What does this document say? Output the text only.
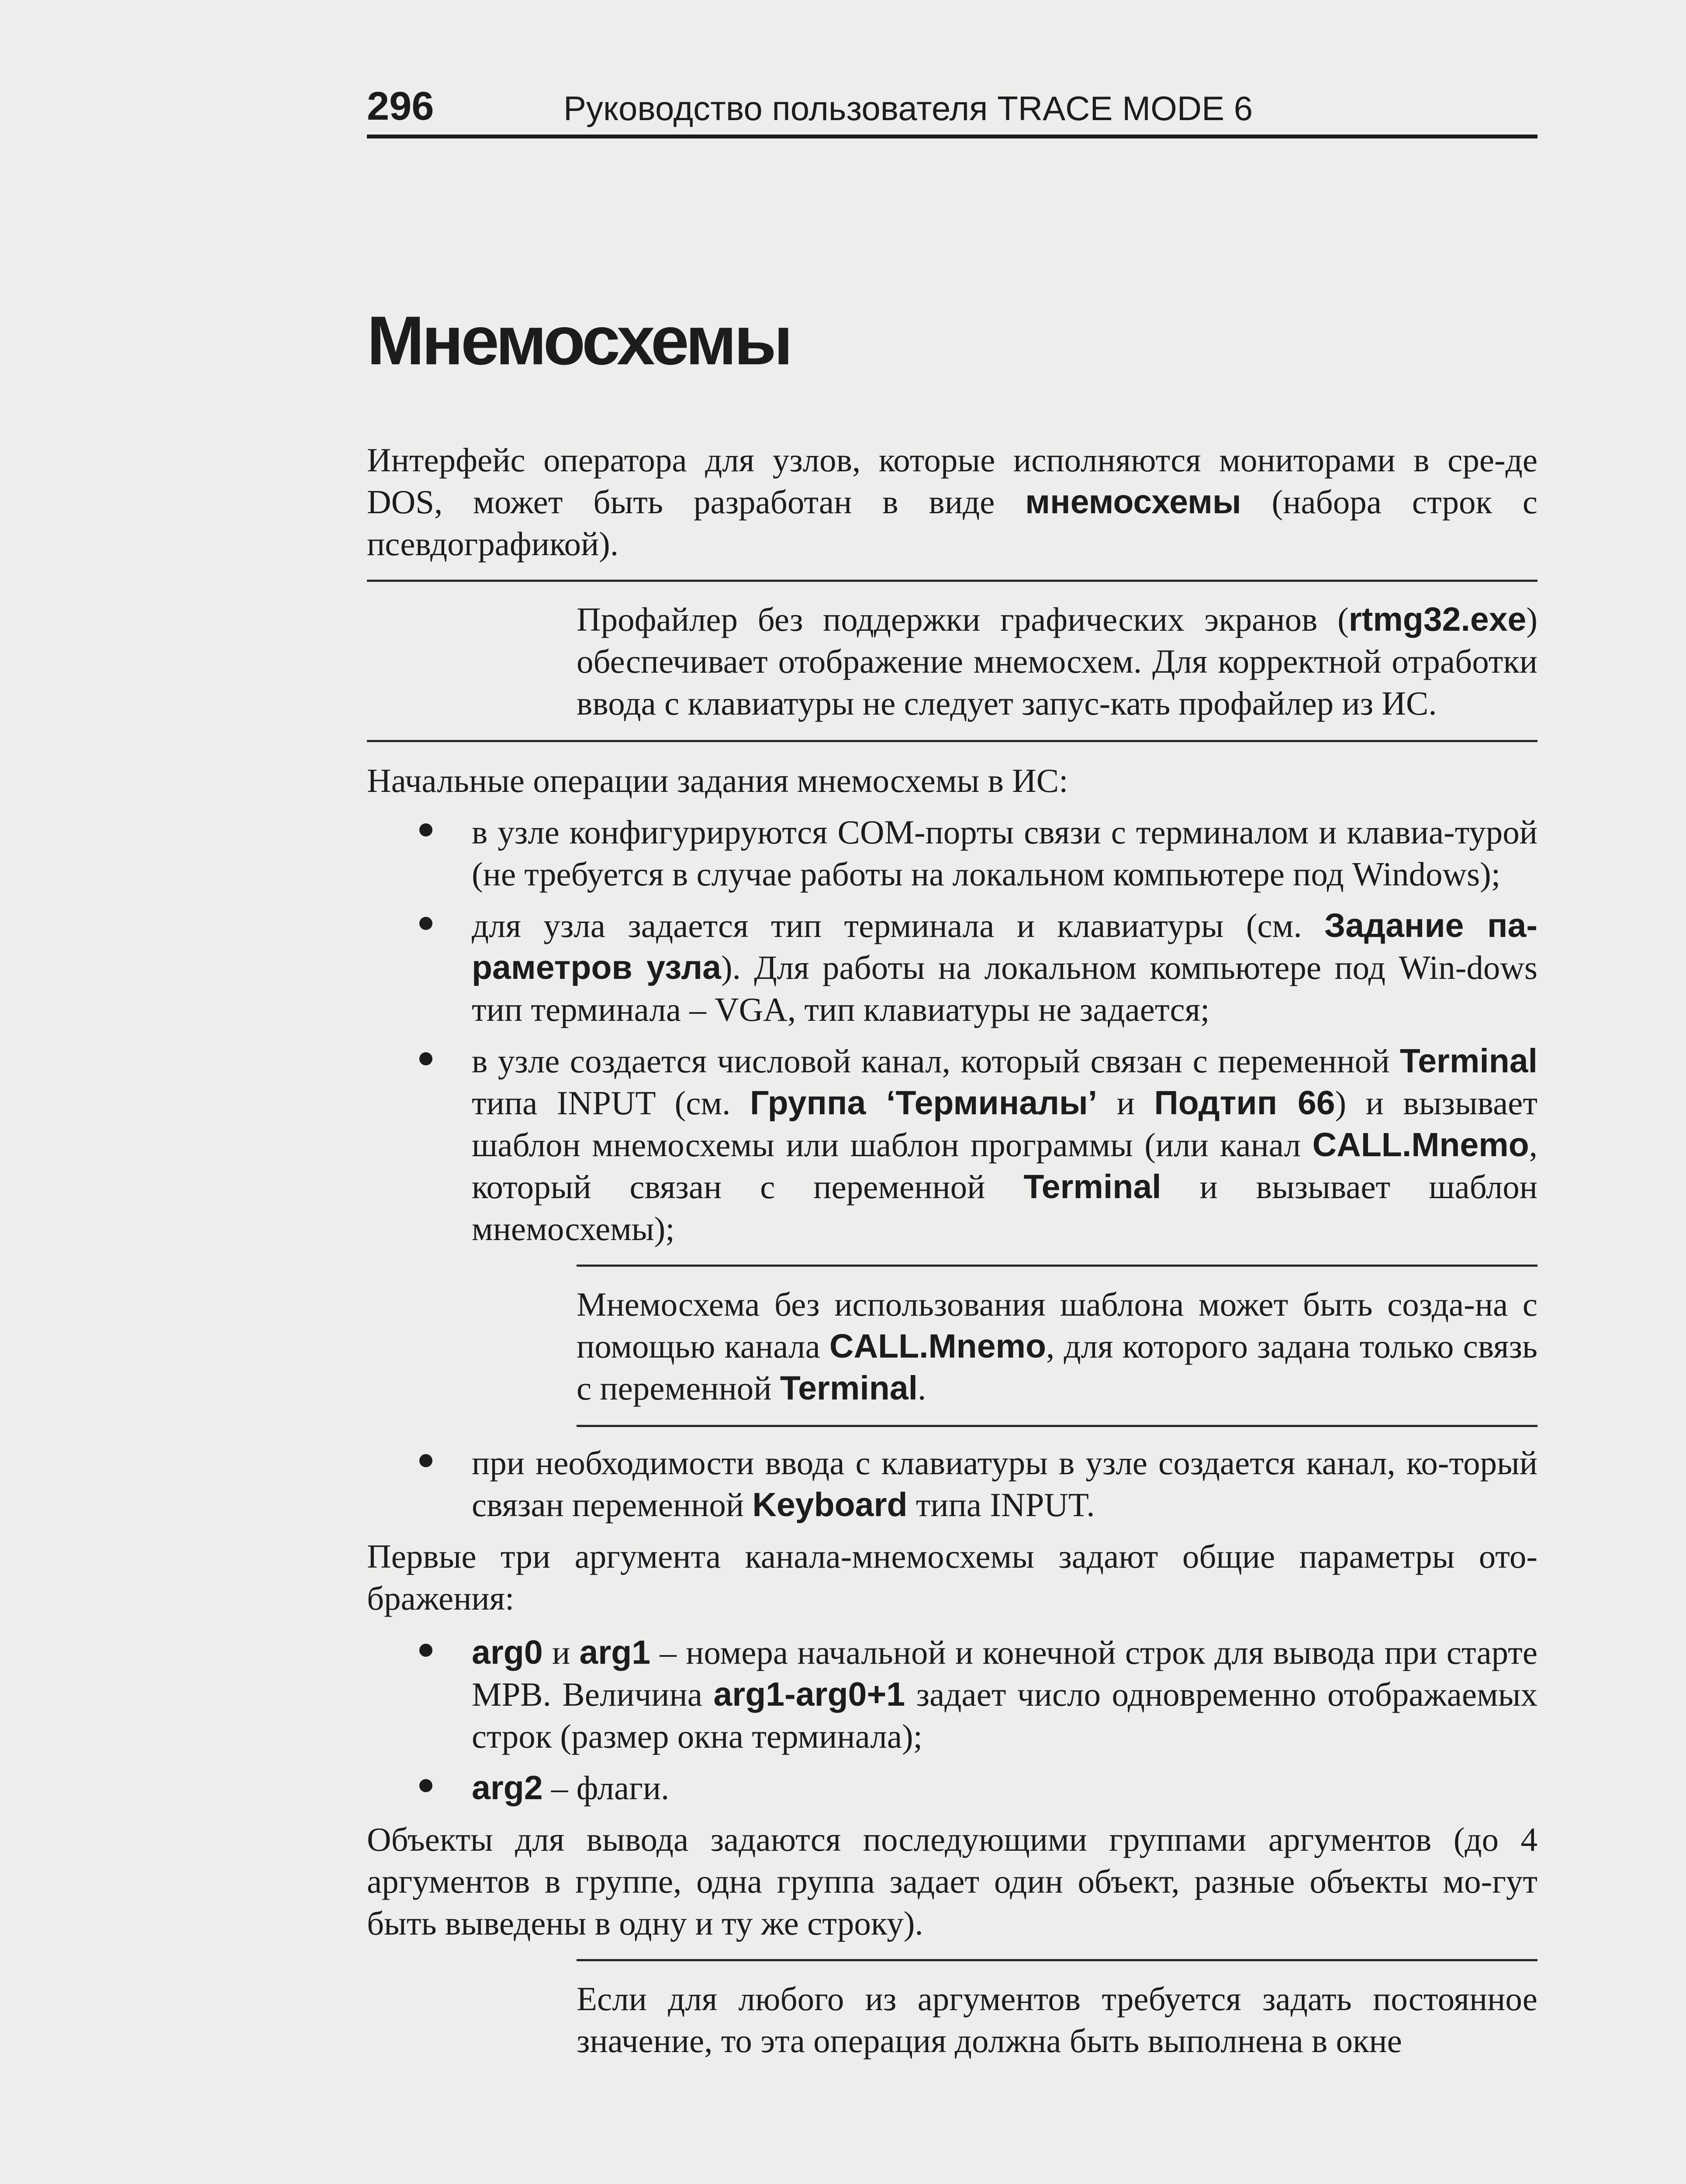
296	Руководство пользователя TRACE MODE 6
Мнемосхемы

Интерфейс оператора для узлов, которые исполняются мониторами в сре-де DOS, может быть разработан в виде мнемосхемы (набора строк с псевдографикой).

Профайлер без поддержки графических экранов (rtmg32.exe) обеспечивает отображение мнемосхем. Для корректной отработки ввода с клавиатуры не следует запус-кать профайлер из ИС.

Начальные операции задания мнемосхемы в ИС:

в узле конфигурируются COM-порты связи с терминалом и клавиа-турой (не требуется в случае работы на локальном компьютере под Windows);
для узла задается тип терминала и клавиатуры (см. Задание па-раметров узла). Для работы на локальном компьютере под Win-dows тип терминала – VGA, тип клавиатуры не задается;
в узле создается числовой канал, который связан с переменной Terminal типа INPUT (см. Группа ‘Терминалы’ и Подтип 66) и вызывает шаблон мнемосхемы или шаблон программы (или канал CALL.Mnemo, который связан с переменной Terminal и вызывает шаблон мнемосхемы);

Мнемосхема без использования шаблона может быть созда-на с помощью канала CALL.Mnemo, для которого задана только связь с переменной Terminal.

при необходимости ввода с клавиатуры в узле создается канал, ко-торый связан переменной Keyboard типа INPUT.

Первые три аргумента канала-мнемосхемы задают общие параметры ото-бражения:

arg0 и arg1 – номера начальной и конечной строк для вывода при старте МРВ. Величина arg1-arg0+1 задает число одновременно отображаемых строк (размер окна терминала);
arg2 – флаги.

Объекты для вывода задаются последующими группами аргументов (до 4 аргументов в группе, одна группа задает один объект, разные объекты мо-гут быть выведены в одну и ту же строку).

Если для любого из аргументов требуется задать постоянное значение, то эта операция должна быть выполнена в окне
